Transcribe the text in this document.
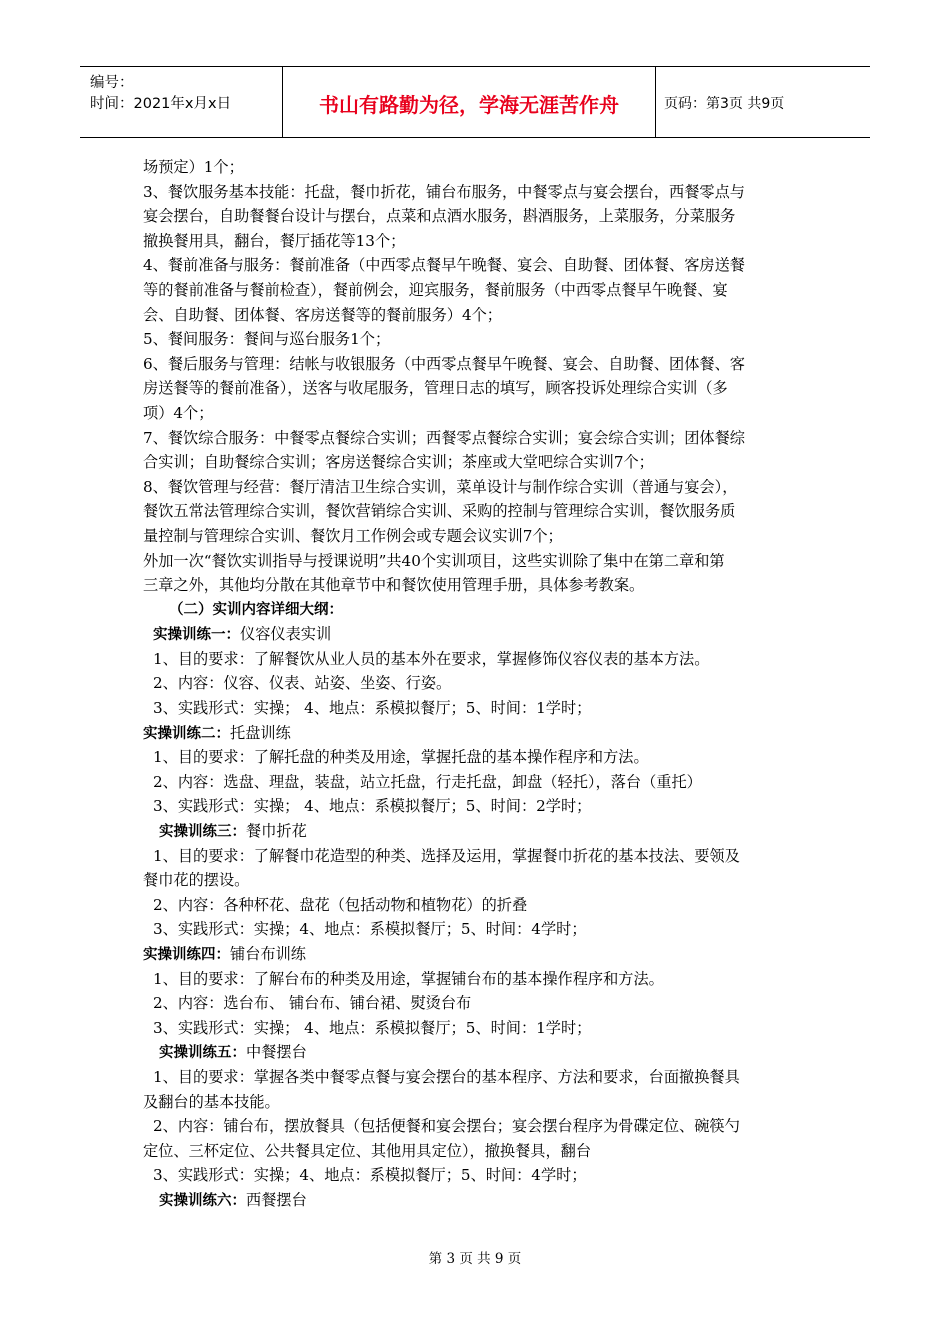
编号：
时间：2021年x月x日	书山有路勤为径，学海无涯苦作舟	页码：第3页 共9页
场预定）1个；
3、餐饮服务基本技能：托盘，餐巾折花，铺台布服务，中餐零点与宴会摆台，西餐零点与
宴会摆台，自助餐餐台设计与摆台，点菜和点酒水服务，斟酒服务，上菜服务，分菜服务
撤换餐用具，翻台，餐厅插花等13个；
4、餐前准备与服务：餐前准备（中西零点餐早午晚餐、宴会、自助餐、团体餐、客房送餐
等的餐前准备与餐前检查），餐前例会，迎宾服务，餐前服务（中西零点餐早午晚餐、宴
会、自助餐、团体餐、客房送餐等的餐前服务）4个；
5、餐间服务：餐间与巡台服务1个；
6、餐后服务与管理：结帐与收银服务（中西零点餐早午晚餐、宴会、自助餐、团体餐、客
房送餐等的餐前准备），送客与收尾服务，管理日志的填写，顾客投诉处理综合实训（多
项）4个；
7、餐饮综合服务：中餐零点餐综合实训；西餐零点餐综合实训；宴会综合实训；团体餐综
合实训；自助餐综合实训；客房送餐综合实训；茶座或大堂吧综合实训7个；
8、餐饮管理与经营：餐厅清洁卫生综合实训，菜单设计与制作综合实训（普通与宴会），
餐饮五常法管理综合实训，餐饮营销综合实训、采购的控制与管理综合实训，餐饮服务质
量控制与管理综合实训、餐饮月工作例会或专题会议实训7个；
外加一次“餐饮实训指导与授课说明”共40个实训项目，这些实训除了集中在第二章和第
三章之外，其他均分散在其他章节中和餐饮使用管理手册，具体参考教案。
（二）实训内容详细大纲：
实操训练一：仪容仪表实训
1、目的要求：了解餐饮从业人员的基本外在要求，掌握修饰仪容仪表的基本方法。
2、内容：仪容、仪表、站姿、坐姿、行姿。
3、实践形式：实操； 4、地点：系模拟餐厅；5、时间：1学时；
实操训练二：托盘训练
1、目的要求：了解托盘的种类及用途，掌握托盘的基本操作程序和方法。
2、内容：选盘、理盘，装盘，站立托盘，行走托盘，卸盘（轻托），落台（重托）
3、实践形式：实操； 4、地点：系模拟餐厅；5、时间：2学时；
实操训练三：餐巾折花
1、目的要求：了解餐巾花造型的种类、选择及运用，掌握餐巾折花的基本技法、要领及
餐巾花的摆设。
2、内容：各种杯花、盘花（包括动物和植物花）的折叠
3、实践形式：实操；4、地点：系模拟餐厅；5、时间：4学时；
实操训练四：铺台布训练
1、目的要求：了解台布的种类及用途，掌握铺台布的基本操作程序和方法。
2、内容：选台布、 铺台布、铺台裙、熨烫台布
3、实践形式：实操； 4、地点：系模拟餐厅；5、时间：1学时；
实操训练五：中餐摆台
1、目的要求：掌握各类中餐零点餐与宴会摆台的基本程序、方法和要求，台面撤换餐具
及翻台的基本技能。
2、内容：铺台布，摆放餐具（包括便餐和宴会摆台；宴会摆台程序为骨碟定位、碗筷勺
定位、三杯定位、公共餐具定位、其他用具定位），撤换餐具，翻台
3、实践形式：实操；4、地点：系模拟餐厅；5、时间：4学时；
实操训练六：西餐摆台
第 3 页 共 9 页
